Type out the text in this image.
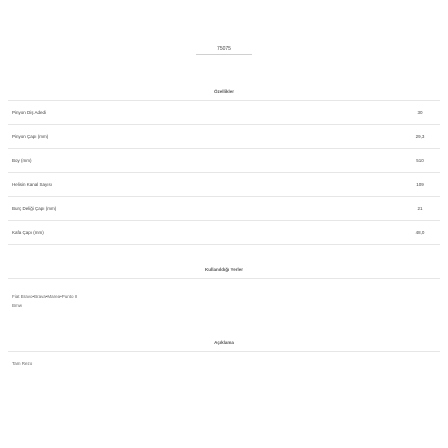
75075
Özellikler
Pinyon Diş Adedi	30
Pinyon Çapı (mm)	29,3
Boy (mm)	510
Helisin Kanal Sayısı	109
Burç Deliği Çapı (mm)	21
Kafa Çapı (mm)	48,0
Kullanıldığı Yerler
Fiat Bravo•Brava•Marea•Punto II
Bmw
Açıklama
Tam Rezo
